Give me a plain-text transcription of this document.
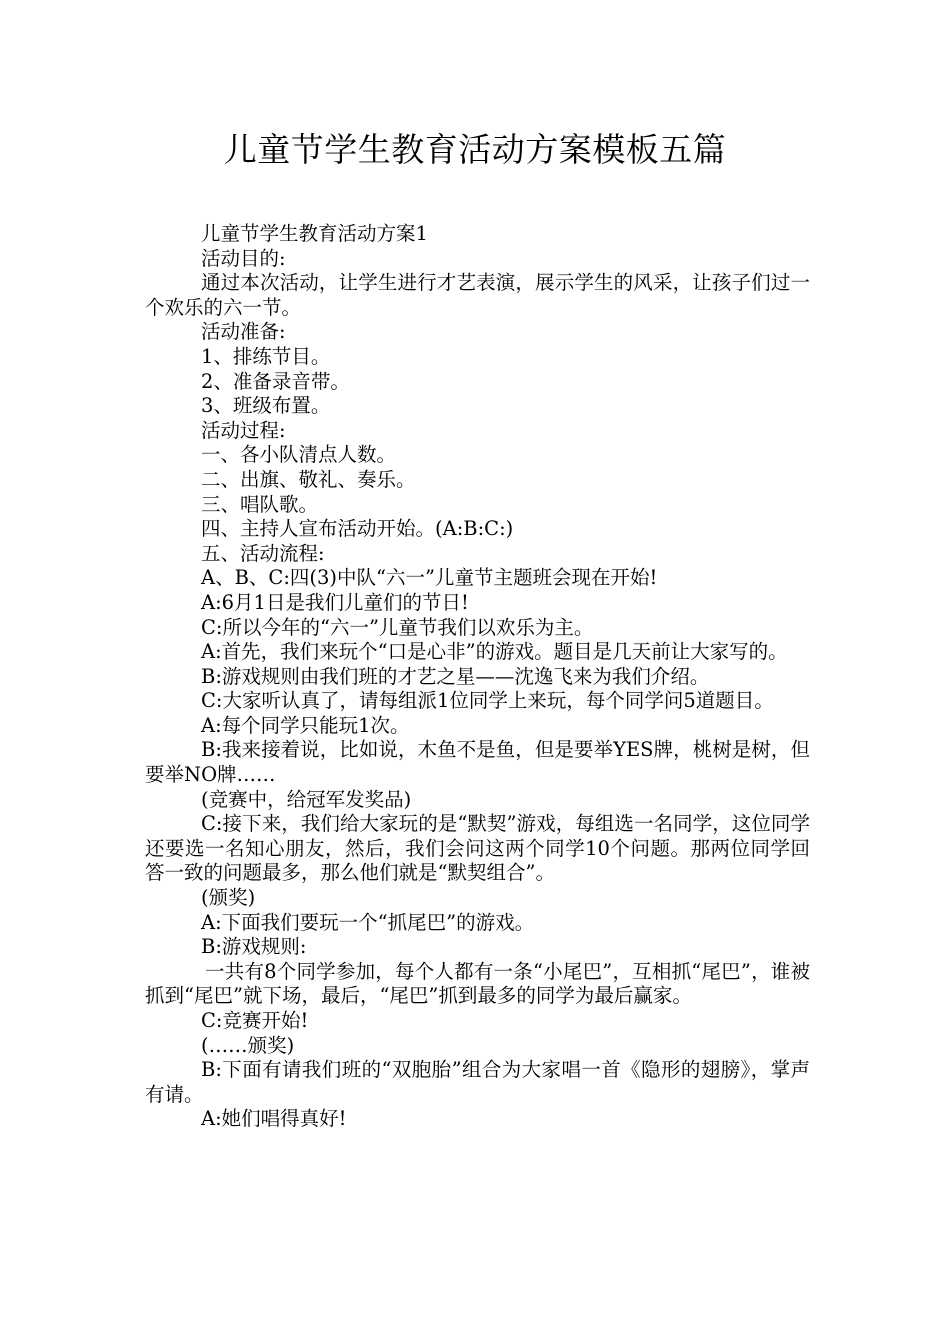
儿童节学生教育活动方案模板五篇

儿童节学生教育活动方案1

活动目的:

通过本次活动，让学生进行才艺表演，展示学生的风采，让孩子们过一个欢乐的六一节。

活动准备:

1、排练节目。

2、准备录音带。

3、班级布置。

活动过程:

一、各小队清点人数。

二、出旗、敬礼、奏乐。

三、唱队歌。

四、主持人宣布活动开始。(A:B:C:)

五、活动流程:

A、B、C:四(3)中队“六一”儿童节主题班会现在开始!

A:6月1日是我们儿童们的节日!

C:所以今年的“六一”儿童节我们以欢乐为主。

A:首先，我们来玩个“口是心非”的游戏。题目是几天前让大家写的。

B:游戏规则由我们班的才艺之星——沈逸飞来为我们介绍。

C:大家听认真了，请每组派1位同学上来玩，每个同学问5道题目。

A:每个同学只能玩1次。

B:我来接着说，比如说，木鱼不是鱼，但是要举YES牌，桃树是树，但要举NO牌……

(竞赛中，给冠军发奖品)

C:接下来，我们给大家玩的是“默契”游戏，每组选一名同学，这位同学还要选一名知心朋友，然后，我们会问这两个同学10个问题。那两位同学回答一致的问题最多，那么他们就是“默契组合”。

(颁奖)

A:下面我们要玩一个“抓尾巴”的游戏。

B:游戏规则:

一共有8个同学参加，每个人都有一条“小尾巴”，互相抓“尾巴”，谁被抓到“尾巴”就下场，最后，“尾巴”抓到最多的同学为最后赢家。

C:竞赛开始!

(……颁奖)

B:下面有请我们班的“双胞胎”组合为大家唱一首《隐形的翅膀》，掌声有请。

A:她们唱得真好!
